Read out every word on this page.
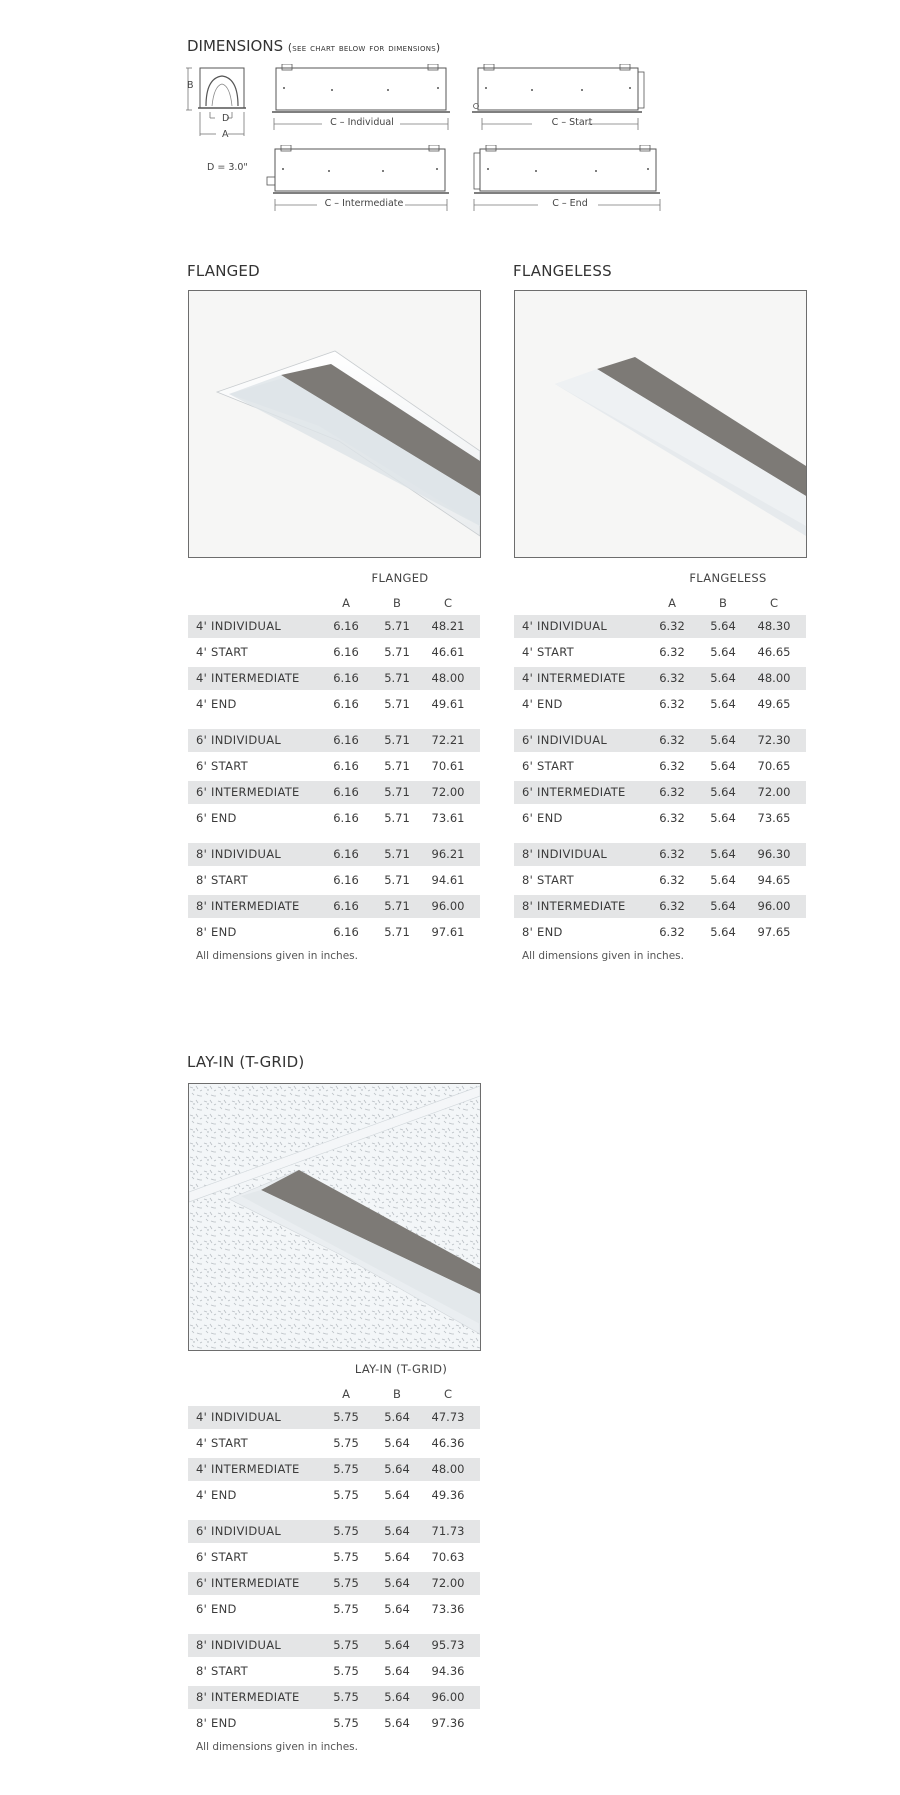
DIMENSIONS (see chart below for dimensions)
B
D
A
D = 3.0"
C – Individual	C – Start
C – Intermediate	C – End
FLANGED	FLANGELESS
LAY-IN (T-GRID)
FLANGED
A	B	C
4' INDIVIDUAL	6.16	5.71	48.21
4' START	6.16	5.71	46.61
4' INTERMEDIATE	6.16	5.71	48.00
4' END	6.16	5.71	49.61
6' INDIVIDUAL	6.16	5.71	72.21
6' START	6.16	5.71	70.61
6' INTERMEDIATE	6.16	5.71	72.00
6' END	6.16	5.71	73.61
8' INDIVIDUAL	6.16	5.71	96.21
8' START	6.16	5.71	94.61
8' INTERMEDIATE	6.16	5.71	96.00
8' END	6.16	5.71	97.61
All dimensions given in inches.
FLANGELESS
A	B	C
4' INDIVIDUAL	6.32	5.64	48.30
4' START	6.32	5.64	46.65
4' INTERMEDIATE	6.32	5.64	48.00
4' END	6.32	5.64	49.65
6' INDIVIDUAL	6.32	5.64	72.30
6' START	6.32	5.64	70.65
6' INTERMEDIATE	6.32	5.64	72.00
6' END	6.32	5.64	73.65
8' INDIVIDUAL	6.32	5.64	96.30
8' START	6.32	5.64	94.65
8' INTERMEDIATE	6.32	5.64	96.00
8' END	6.32	5.64	97.65
All dimensions given in inches.
LAY-IN (T-GRID)
A	B	C
4' INDIVIDUAL	5.75	5.64	47.73
4' START	5.75	5.64	46.36
4' INTERMEDIATE	5.75	5.64	48.00
4' END	5.75	5.64	49.36
6' INDIVIDUAL	5.75	5.64	71.73
6' START	5.75	5.64	70.63
6' INTERMEDIATE	5.75	5.64	72.00
6' END	5.75	5.64	73.36
8' INDIVIDUAL	5.75	5.64	95.73
8' START	5.75	5.64	94.36
8' INTERMEDIATE	5.75	5.64	96.00
8' END	5.75	5.64	97.36
All dimensions given in inches.
